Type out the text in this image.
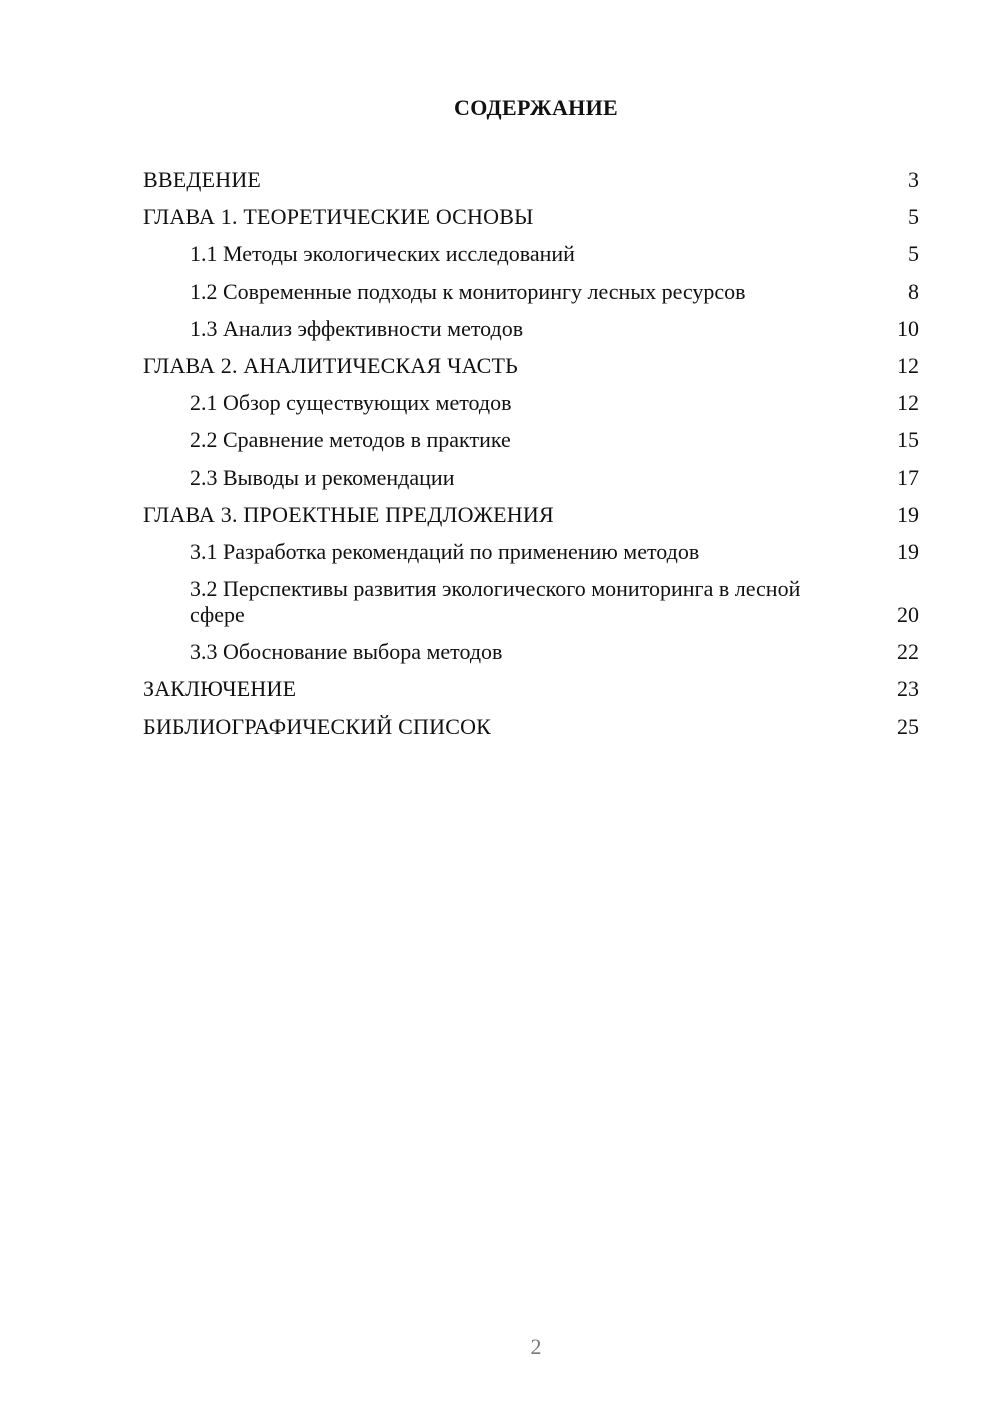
СОДЕРЖАНИЕ
ВВЕДЕНИЕ	3
ГЛАВА 1. ТЕОРЕТИЧЕСКИЕ ОСНОВЫ	5
1.1 Методы экологических исследований	5
1.2 Современные подходы к мониторингу лесных ресурсов	8
1.3 Анализ эффективности методов	10
ГЛАВА 2. АНАЛИТИЧЕСКАЯ ЧАСТЬ	12
2.1 Обзор существующих методов	12
2.2 Сравнение методов в практике	15
2.3 Выводы и рекомендации	17
ГЛАВА 3. ПРОЕКТНЫЕ ПРЕДЛОЖЕНИЯ	19
3.1 Разработка рекомендаций по применению методов	19
3.2 Перспективы развития экологического мониторинга в лесной сфере	20
3.3 Обоснование выбора методов	22
ЗАКЛЮЧЕНИЕ	23
БИБЛИОГРАФИЧЕСКИЙ СПИСОК	25
2
